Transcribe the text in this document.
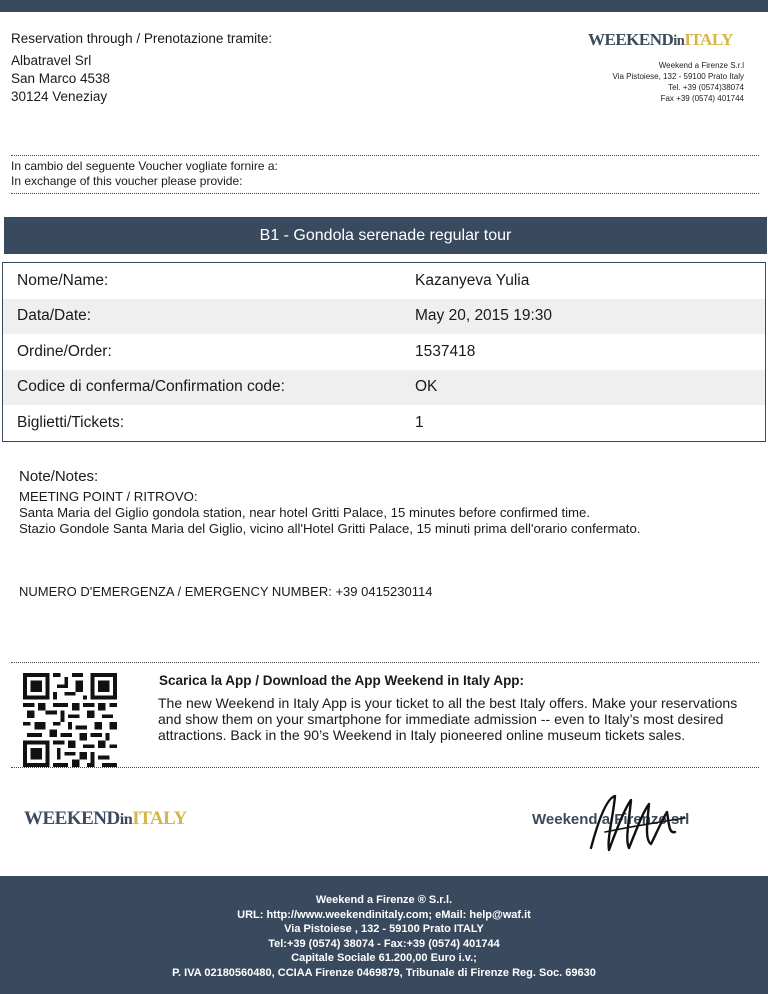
Reservation through / Prenotazione tramite:
Albatravel Srl
San Marco 4538
30124 Veneziay
WEEKENDinITALY
Weekend a Firenze S.r.l
Via Pistoiese, 132 - 59100 Prato Italy
Tel. +39 (0574)38074
Fax +39 (0574) 401744
In cambio del seguente Voucher vogliate fornire a:
In exchange of this voucher please provide:
B1 - Gondola serenade regular tour
Nome/Name:	Kazanyeva Yulia
Data/Date:	May 20, 2015 19:30
Ordine/Order:	1537418
Codice di conferma/Confirmation code:	OK
Biglietti/Tickets:	1
Note/Notes:
MEETING POINT / RITROVO:
Santa Maria del Giglio gondola station, near hotel Gritti Palace, 15 minutes before confirmed time.
Stazio Gondole Santa Maria del Giglio, vicino all'Hotel Gritti Palace, 15 minuti prima dell'orario confermato.
NUMERO D'EMERGENZA / EMERGENCY NUMBER: +39 0415230114
Scarica la App / Download the App Weekend in Italy App:
The new Weekend in Italy App is your ticket to all the best Italy offers. Make your reservations and show them on your smartphone for immediate admission -- even to Italy’s most desired attractions. Back in the 90’s Weekend in Italy pioneered online museum tickets sales.
WEEKENDinITALY	Weekend a Firenze srl
Weekend a Firenze ® S.r.l.
URL: http://www.weekendinitaly.com; eMail: help@waf.it
Via Pistoiese , 132 - 59100 Prato ITALY
Tel:+39 (0574) 38074 - Fax:+39 (0574) 401744
Capitale Sociale 61.200,00 Euro i.v.;
P. IVA 02180560480, CCIAA Firenze 0469879, Tribunale di Firenze Reg. Soc. 69630
